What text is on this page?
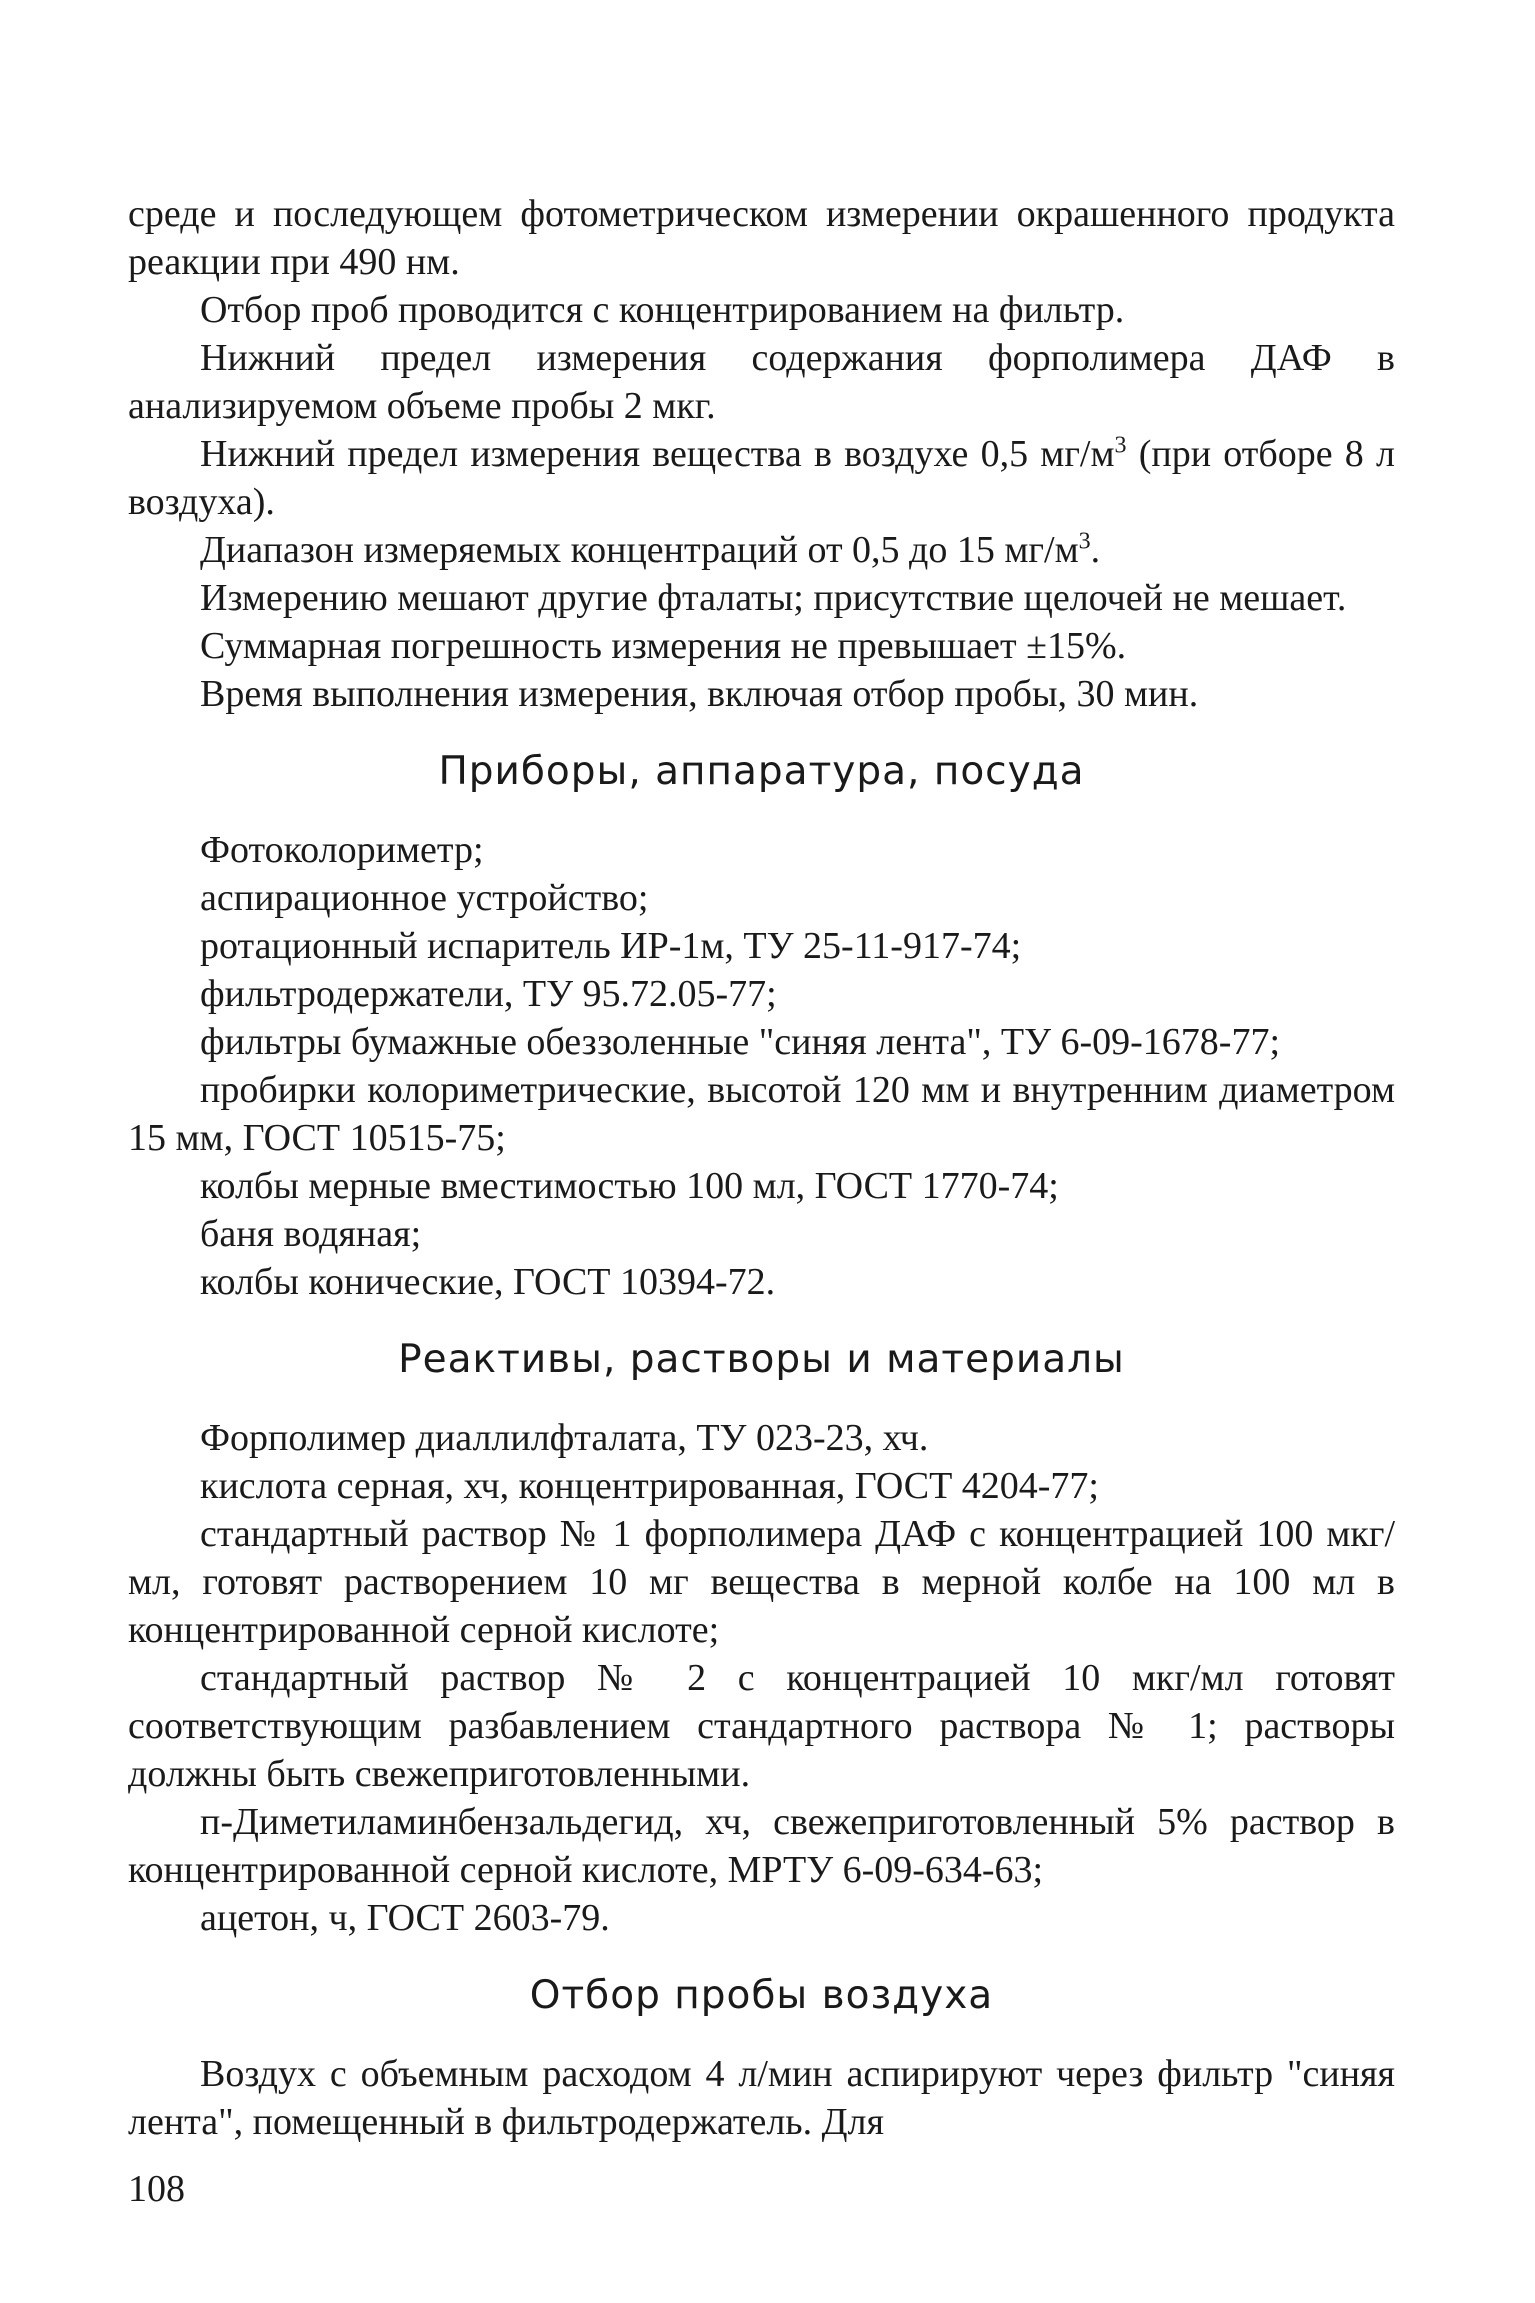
среде и последующем фотометрическом измерении окрашенного продукта реакции при 490 нм.

Отбор проб проводится с концентрированием на фильтр.

Нижний предел измерения содержания форполимера ДАФ в анализируемом объеме пробы 2 мкг.

Нижний предел измерения вещества в воздухе 0,5 $мг/м^3$ (при отборе 8 л воздуха).

Диапазон измеряемых концентраций от 0,5 до 15 $мг/м^3$.

Измерению мешают другие фталаты; присутствие щелочей не мешает.

Суммарная погрешность измерения не превышает ±15%.

Время выполнения измерения, включая отбор пробы, 30 мин.

Приборы, аппаратура, посуда

Фотоколориметр;

аспирационное устройство;

ротационный испаритель ИР-1м, ТУ 25-11-917-74;

фильтродержатели, ТУ 95.72.05-77;

фильтры бумажные обеззоленные "синяя лента", ТУ 6-09-1678-77;

пробирки колориметрические, высотой 120 мм и внутренним диаметром 15 мм, ГОСТ 10515-75;

колбы мерные вместимостью 100 мл, ГОСТ 1770-74;

баня водяная;

колбы конические, ГОСТ 10394-72.

Реактивы, растворы и материалы

Форполимер диаллилфталата, ТУ 023-23, хч.

кислота серная, хч, концентрированная, ГОСТ 4204-77;

стандартный раствор № 1 форполимера ДАФ с концентрацией 100 мкг/мл, готовят растворением 10 мг вещества в мерной колбе на 100 мл в концентрированной серной кислоте;

стандартный раствор № 2 с концентрацией 10 мкг/мл готовят соответствующим разбавлением стандартного раствора № 1; растворы должны быть свежеприготовленными.

п-Диметиламинбензальдегид, хч, свежеприготовленный 5% раствор в концентрированной серной кислоте, МРТУ 6-09-634-63;

ацетон, ч, ГОСТ 2603-79.

Отбор пробы воздуха

Воздух с объемным расходом 4 л/мин аспирируют через фильтр "синяя лента", помещенный в фильтродержатель. Для

108
